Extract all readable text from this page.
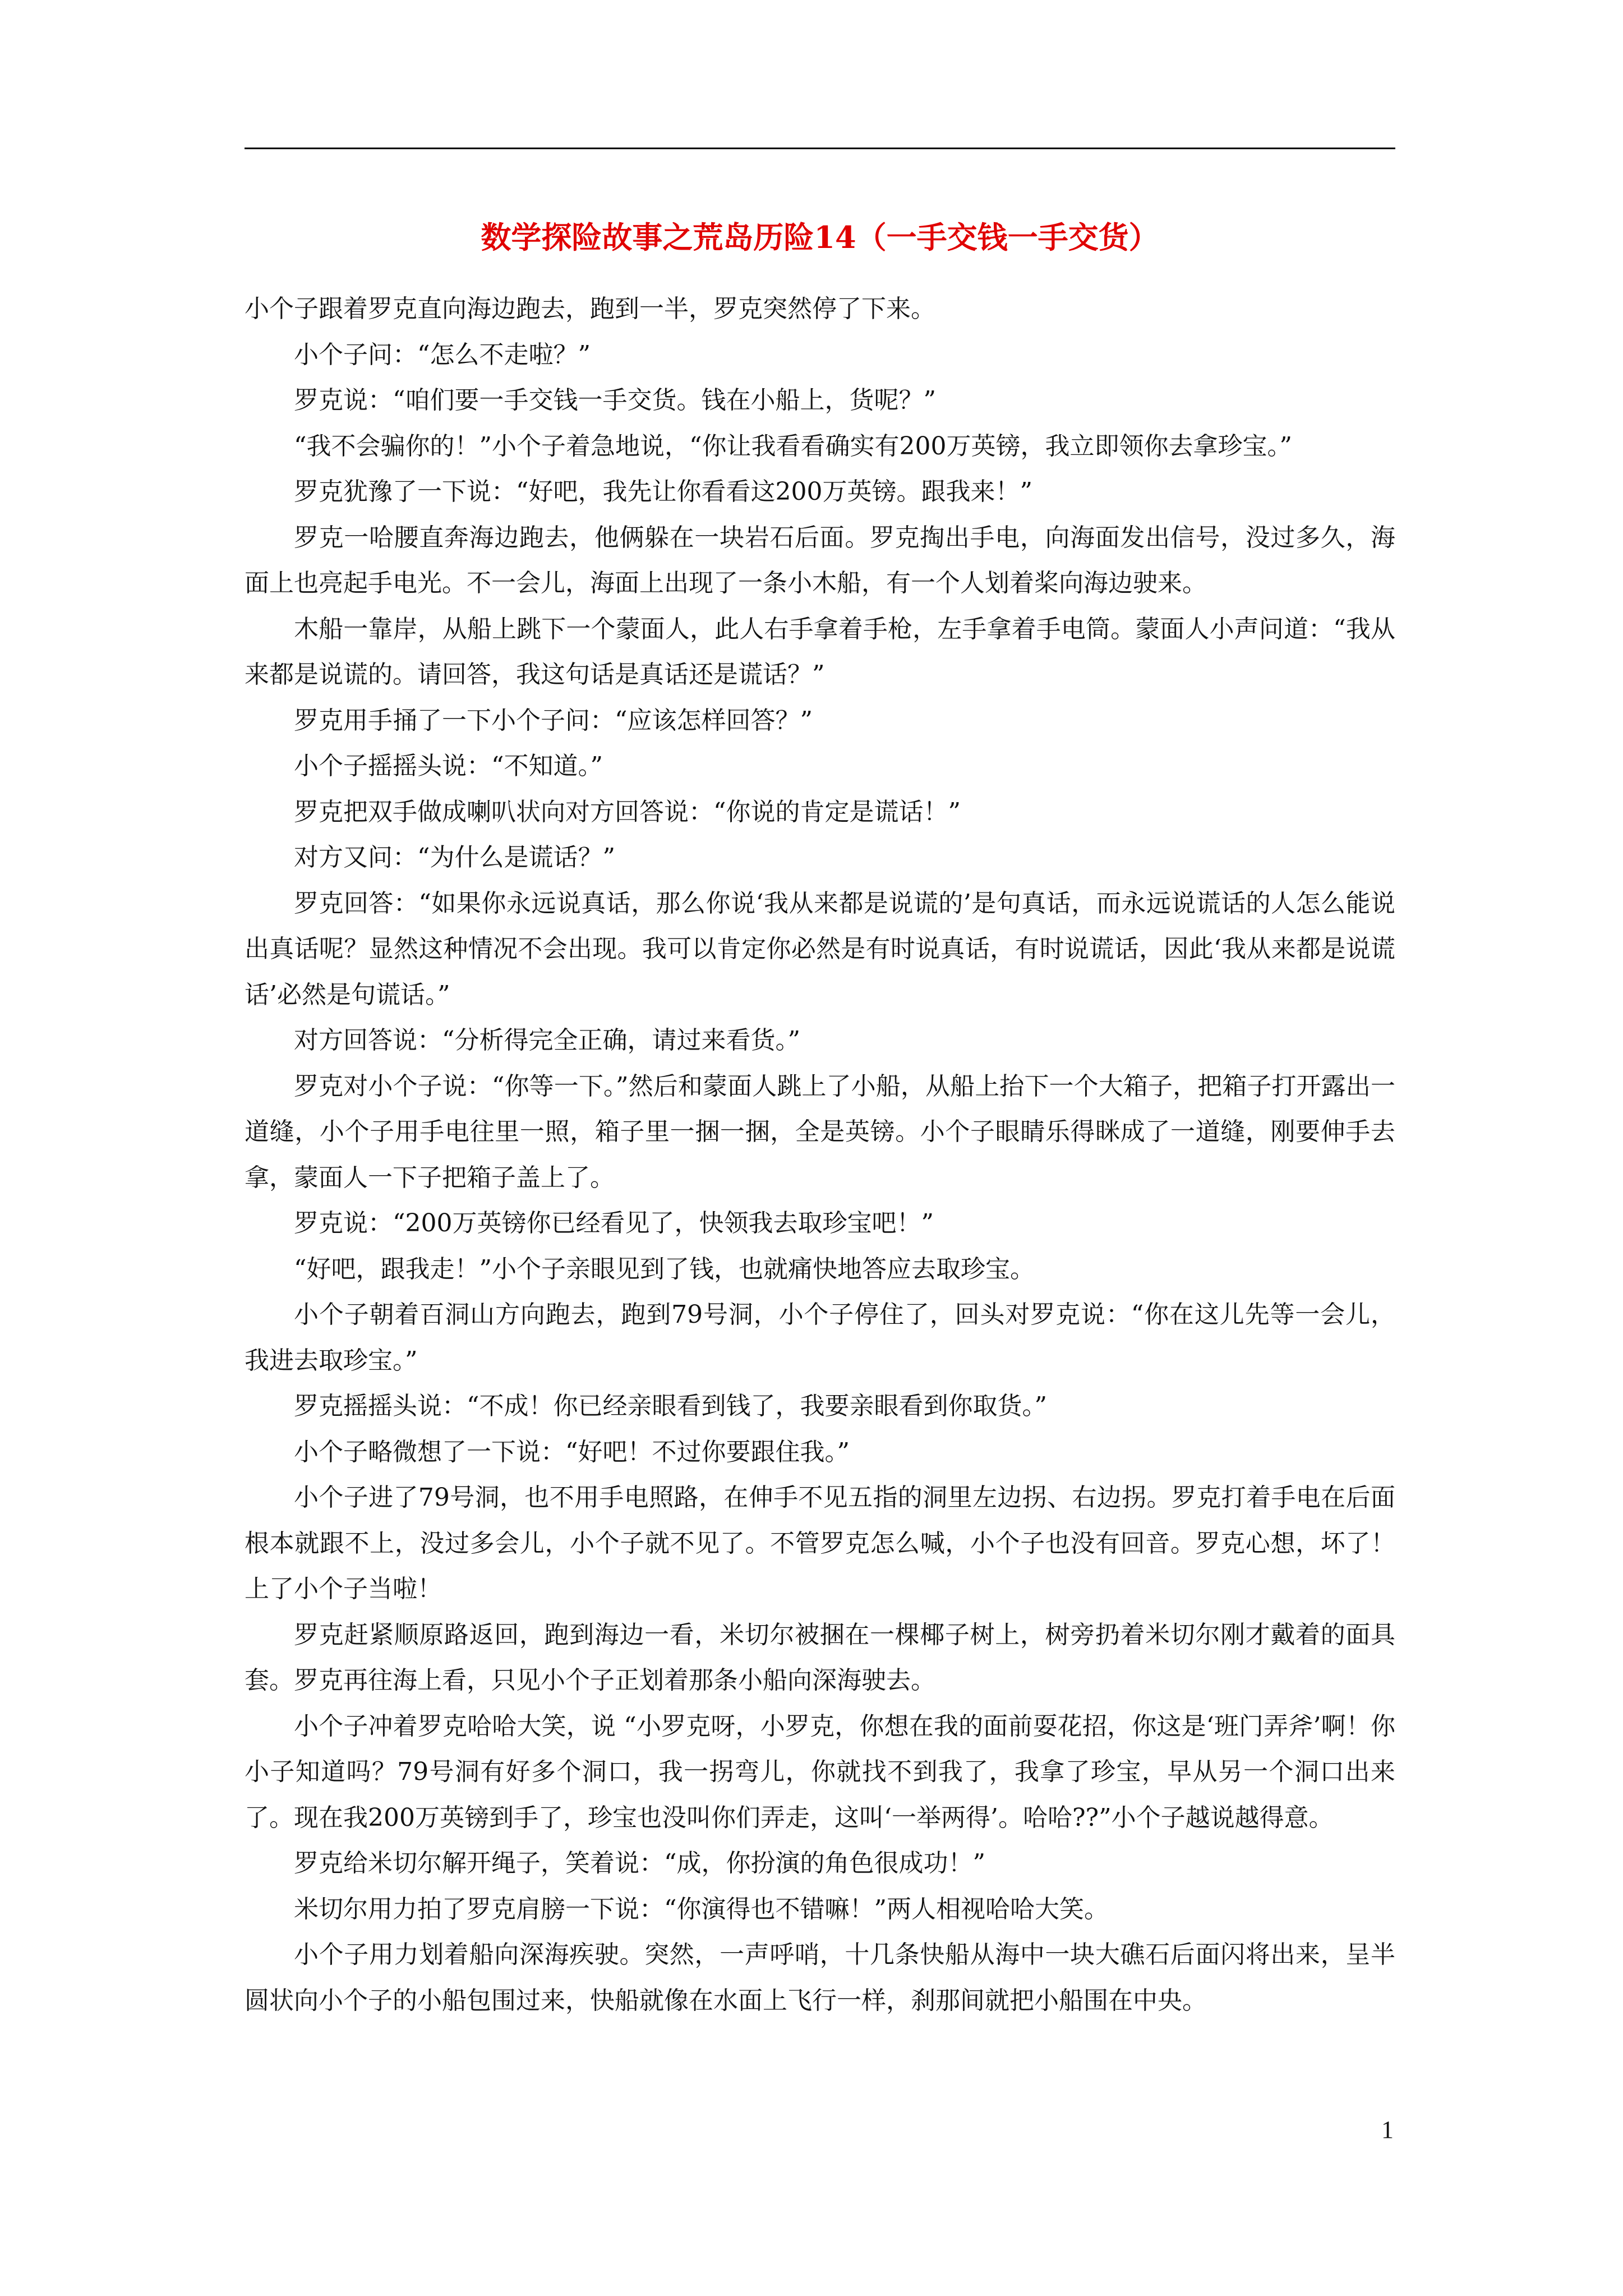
数学探险故事之荒岛历险14（一手交钱一手交货）

小个子跟着罗克直向海边跑去，跑到一半，罗克突然停了下来。

小个子问：“怎么不走啦？”

罗克说：“咱们要一手交钱一手交货。钱在小船上，货呢？”

“我不会骗你的！”小个子着急地说，“你让我看看确实有200万英镑，我立即领你去拿珍宝。”

罗克犹豫了一下说：“好吧，我先让你看看这200万英镑。跟我来！”

罗克一哈腰直奔海边跑去，他俩躲在一块岩石后面。罗克掏出手电，向海面发出信号，没过多久，海面上也亮起手电光。不一会儿，海面上出现了一条小木船，有一个人划着桨向海边驶来。

木船一靠岸，从船上跳下一个蒙面人，此人右手拿着手枪，左手拿着手电筒。蒙面人小声问道：“我从来都是说谎的。请回答，我这句话是真话还是谎话？”

罗克用手捅了一下小个子问：“应该怎样回答？”

小个子摇摇头说：“不知道。”

罗克把双手做成喇叭状向对方回答说：“你说的肯定是谎话！”

对方又问：“为什么是谎话？”

罗克回答：“如果你永远说真话，那么你说‘我从来都是说谎的’是句真话，而永远说谎话的人怎么能说出真话呢？显然这种情况不会出现。我可以肯定你必然是有时说真话，有时说谎话，因此‘我从来都是说谎话’必然是句谎话。”

对方回答说：“分析得完全正确，请过来看货。”

罗克对小个子说：“你等一下。”然后和蒙面人跳上了小船，从船上抬下一个大箱子，把箱子打开露出一道缝，小个子用手电往里一照，箱子里一捆一捆，全是英镑。小个子眼睛乐得眯成了一道缝，刚要伸手去拿，蒙面人一下子把箱子盖上了。

罗克说：“200万英镑你已经看见了，快领我去取珍宝吧！”

“好吧，跟我走！”小个子亲眼见到了钱，也就痛快地答应去取珍宝。

小个子朝着百洞山方向跑去，跑到79号洞，小个子停住了，回头对罗克说：“你在这儿先等一会儿，我进去取珍宝。”

罗克摇摇头说：“不成！你已经亲眼看到钱了，我要亲眼看到你取货。”

小个子略微想了一下说：“好吧！不过你要跟住我。”

小个子进了79号洞，也不用手电照路，在伸手不见五指的洞里左边拐、右边拐。罗克打着手电在后面根本就跟不上，没过多会儿，小个子就不见了。不管罗克怎么喊，小个子也没有回音。罗克心想，坏了！上了小个子当啦！

罗克赶紧顺原路返回，跑到海边一看，米切尔被捆在一棵椰子树上，树旁扔着米切尔刚才戴着的面具套。罗克再往海上看，只见小个子正划着那条小船向深海驶去。

小个子冲着罗克哈哈大笑，说 “小罗克呀，小罗克，你想在我的面前耍花招，你这是‘班门弄斧’啊！你小子知道吗？79号洞有好多个洞口，我一拐弯儿，你就找不到我了，我拿了珍宝，早从另一个洞口出来了。现在我200万英镑到手了，珍宝也没叫你们弄走，这叫‘一举两得’。哈哈??”小个子越说越得意。

罗克给米切尔解开绳子，笑着说：“成，你扮演的角色很成功！”

米切尔用力拍了罗克肩膀一下说：“你演得也不错嘛！”两人相视哈哈大笑。

小个子用力划着船向深海疾驶。突然，一声呼哨，十几条快船从海中一块大礁石后面闪将出来，呈半圆状向小个子的小船包围过来，快船就像在水面上飞行一样，刹那间就把小船围在中央。

1
